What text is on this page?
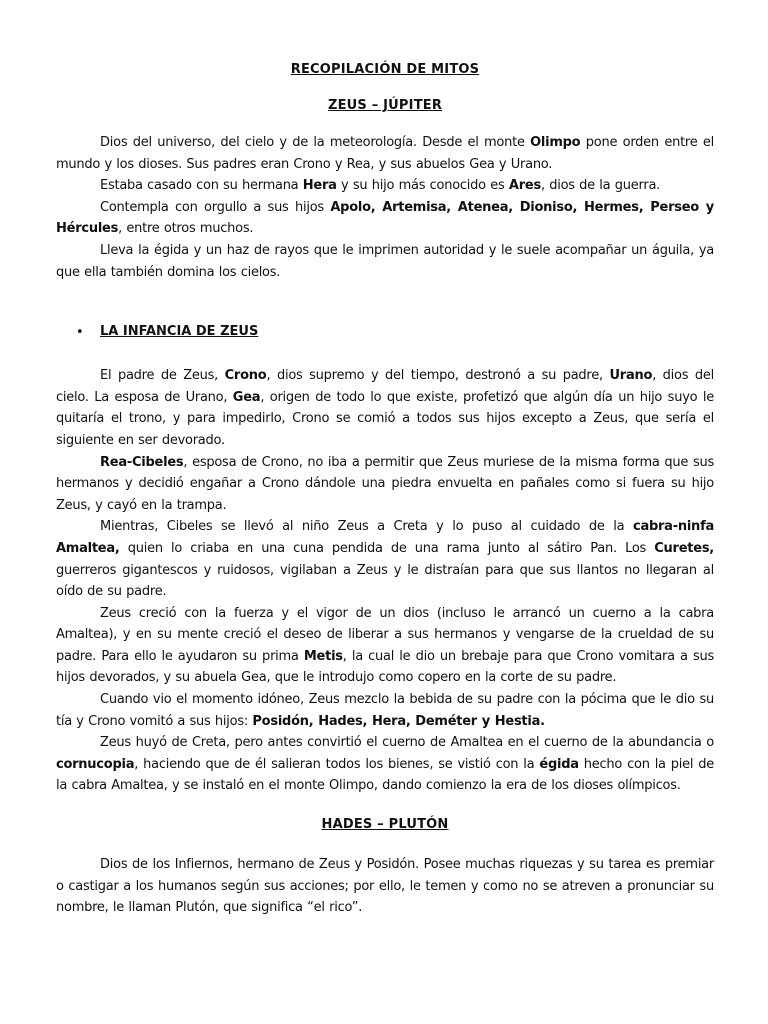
RECOPILACIÓN DE MITOS

ZEUS – JÚPITER

Dios del universo, del cielo y de la meteorología. Desde el monte Olimpo pone orden entre el mundo y los dioses. Sus padres eran Crono y Rea, y sus abuelos Gea y Urano.

Estaba casado con su hermana Hera y su hijo más conocido es Ares, dios de la guerra.

Contempla con orgullo a sus hijos Apolo, Artemisa, Atenea, Dioniso, Hermes, Perseo y Hércules, entre otros muchos.

Lleva la égida y un haz de rayos que le imprimen autoridad y le suele acompañar un águila, ya que ella también domina los cielos.

• LA INFANCIA DE ZEUS

El padre de Zeus, Crono, dios supremo y del tiempo, destronó a su padre, Urano, dios del cielo. La esposa de Urano, Gea, origen de todo lo que existe, profetizó que algún día un hijo suyo le quitaría el trono, y para impedirlo, Crono se comió a todos sus hijos excepto a Zeus, que sería el siguiente en ser devorado.

Rea-Cibeles, esposa de Crono, no iba a permitir que Zeus muriese de la misma forma que sus hermanos y decidió engañar a Crono dándole una piedra envuelta en pañales como si fuera su hijo Zeus, y cayó en la trampa.

Mientras, Cibeles se llevó al niño Zeus a Creta y lo puso al cuidado de la cabra-ninfa Amaltea, quien lo criaba en una cuna pendida de una rama junto al sátiro Pan. Los Curetes, guerreros gigantescos y ruidosos, vigilaban a Zeus y le distraían para que sus llantos no llegaran al oído de su padre.

Zeus creció con la fuerza y el vigor de un dios (incluso le arrancó un cuerno a la cabra Amaltea), y en su mente creció el deseo de liberar a sus hermanos y vengarse de la crueldad de su padre. Para ello le ayudaron su prima Metis, la cual le dio un brebaje para que Crono vomitara a sus hijos devorados, y su abuela Gea, que le introdujo como copero en la corte de su padre.

Cuando vio el momento idóneo, Zeus mezclo la bebida de su padre con la pócima que le dio su tía y Crono vomitó a sus hijos: Posidón, Hades, Hera, Deméter y Hestia.

Zeus huyó de Creta, pero antes convirtió el cuerno de Amaltea en el cuerno de la abundancia o cornucopia, haciendo que de él salieran todos los bienes, se vistió con la égida hecho con la piel de la cabra Amaltea, y se instaló en el monte Olimpo, dando comienzo la era de los dioses olímpicos.

HADES – PLUTÓN

Dios de los Infiernos, hermano de Zeus y Posidón. Posee muchas riquezas y su tarea es premiar o castigar a los humanos según sus acciones; por ello, le temen y como no se atreven a pronunciar su nombre, le llaman Plutón, que significa “el rico”.
